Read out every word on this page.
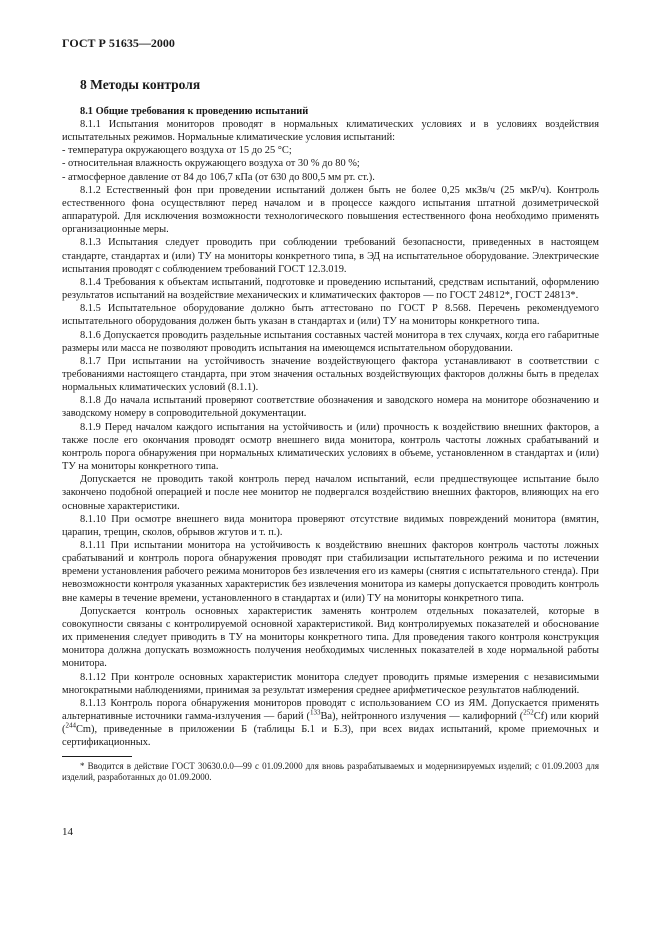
ГОСТ Р 51635—2000
8 Методы контроля
8.1 Общие требования к проведению испытаний

8.1.1 Испытания мониторов проводят в нормальных климатических условиях и в условиях воздействия испытательных режимов. Нормальные климатические условия испытаний:

- температура окружающего воздуха от 15 до 25 °С;

- относительная влажность окружающего воздуха от 30 % до 80 %;

- атмосферное давление от 84 до 106,7 кПа (от 630 до 800,5 мм рт. ст.).

8.1.2 Естественный фон при проведении испытаний должен быть не более 0,25 мкЗв/ч (25 мкР/ч). Контроль естественного фона осуществляют перед началом и в процессе каждого испытания штатной дозиметрической аппаратурой. Для исключения возможности технологического повышения естественного фона необходимо применять организационные меры.

8.1.3 Испытания следует проводить при соблюдении требований безопасности, приведенных в настоящем стандарте, стандартах и (или) ТУ на мониторы конкретного типа, в ЭД на испытательное оборудование. Электрические испытания проводят с соблюдением требований ГОСТ 12.3.019.

8.1.4 Требования к объектам испытаний, подготовке и проведению испытаний, средствам испытаний, оформлению результатов испытаний на воздействие механических и климатических факторов — по ГОСТ 24812*, ГОСТ 24813*.

8.1.5 Испытательное оборудование должно быть аттестовано по ГОСТ Р 8.568. Перечень рекомендуемого испытательного оборудования должен быть указан в стандартах и (или) ТУ на мониторы конкретного типа.

8.1.6 Допускается проводить раздельные испытания составных частей монитора в тех случаях, когда его габаритные размеры или масса не позволяют проводить испытания на имеющемся испытательном оборудовании.

8.1.7 При испытании на устойчивость значение воздействующего фактора устанавливают в соответствии с требованиями настоящего стандарта, при этом значения остальных воздействующих факторов должны быть в пределах нормальных климатических условий (8.1.1).

8.1.8 До начала испытаний проверяют соответствие обозначения и заводского номера на мониторе обозначению и заводскому номеру в сопроводительной документации.

8.1.9 Перед началом каждого испытания на устойчивость и (или) прочность к воздействию внешних факторов, а также после его окончания проводят осмотр внешнего вида монитора, контроль частоты ложных срабатываний и контроль порога обнаружения при нормальных климатических условиях в объеме, установленном в стандартах и (или) ТУ на мониторы конкретного типа.

Допускается не проводить такой контроль перед началом испытаний, если предшествующее испытание было закончено подобной операцией и после нее монитор не подвергался воздействию внешних факторов, влияющих на его основные характеристики.

8.1.10 При осмотре внешнего вида монитора проверяют отсутствие видимых повреждений монитора (вмятин, царапин, трещин, сколов, обрывов жгутов и т. п.).

8.1.11 При испытании монитора на устойчивость к воздействию внешних факторов контроль частоты ложных срабатываний и контроль порога обнаружения проводят при стабилизации испытательного режима и по истечении времени установления рабочего режима мониторов без извлечения его из камеры (снятия с испытательного стенда). При невозможности контроля указанных характеристик без извлечения монитора из камеры допускается проводить контроль вне камеры в течение времени, установленного в стандартах и (или) ТУ на мониторы конкретного типа.

Допускается контроль основных характеристик заменять контролем отдельных показателей, которые в совокупности связаны с контролируемой основной характеристикой. Вид контролируемых показателей и обоснование их применения следует приводить в ТУ на мониторы конкретного типа. Для проведения такого контроля конструкция монитора должна допускать возможность получения необходимых численных показателей в ходе нормальной работы монитора.

8.1.12 При контроле основных характеристик монитора следует проводить прямые измерения с независимыми многократными наблюдениями, принимая за результат измерения среднее арифметическое результатов наблюдений.

8.1.13 Контроль порога обнаружения мониторов проводят с использованием СО из ЯМ. Допускается применять альтернативные источники гамма-излучения — барий ($^{133}$Ba), нейтронного излучения — калифорний ($^{252}$Cf) или кюрий ($^{244}$Cm), приведенные в приложении Б (таблицы Б.1 и Б.3), при всех видах испытаний, кроме приемочных и сертификационных.

* Вводится в действие ГОСТ 30630.0.0—99 с 01.09.2000 для вновь разрабатываемых и модернизируемых изделий; с 01.09.2003 для изделий, разработанных до 01.09.2000.

14
